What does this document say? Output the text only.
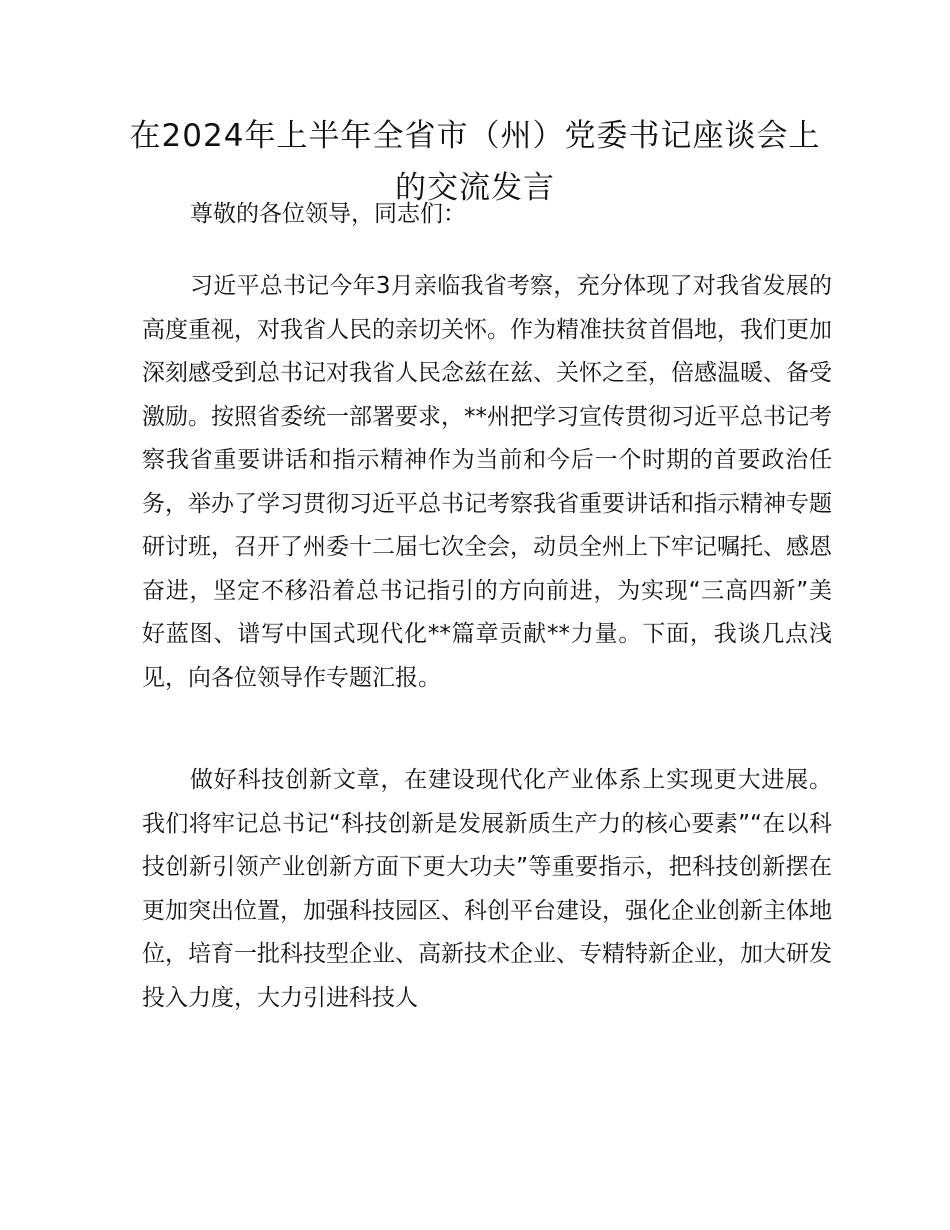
在2024年上半年全省市（州）党委书记座谈会上的交流发言

尊敬的各位领导，同志们：

习近平总书记今年3月亲临我省考察，充分体现了对我省发展的高度重视，对我省人民的亲切关怀。作为精准扶贫首倡地，我们更加深刻感受到总书记对我省人民念兹在兹、关怀之至，倍感温暖、备受激励。按照省委统一部署要求，**州把学习宣传贯彻习近平总书记考察我省重要讲话和指示精神作为当前和今后一个时期的首要政治任务，举办了学习贯彻习近平总书记考察我省重要讲话和指示精神专题研讨班，召开了州委十二届七次全会，动员全州上下牢记嘱托、感恩奋进，坚定不移沿着总书记指引的方向前进，为实现“三高四新”美好蓝图、谱写中国式现代化**篇章贡献**力量。下面，我谈几点浅见，向各位领导作专题汇报。

做好科技创新文章，在建设现代化产业体系上实现更大进展。我们将牢记总书记“科技创新是发展新质生产力的核心要素”“在以科技创新引领产业创新方面下更大功夫”等重要指示，把科技创新摆在更加突出位置，加强科技园区、科创平台建设，强化企业创新主体地位，培育一批科技型企业、高新技术企业、专精特新企业，加大研发投入力度，大力引进科技人
